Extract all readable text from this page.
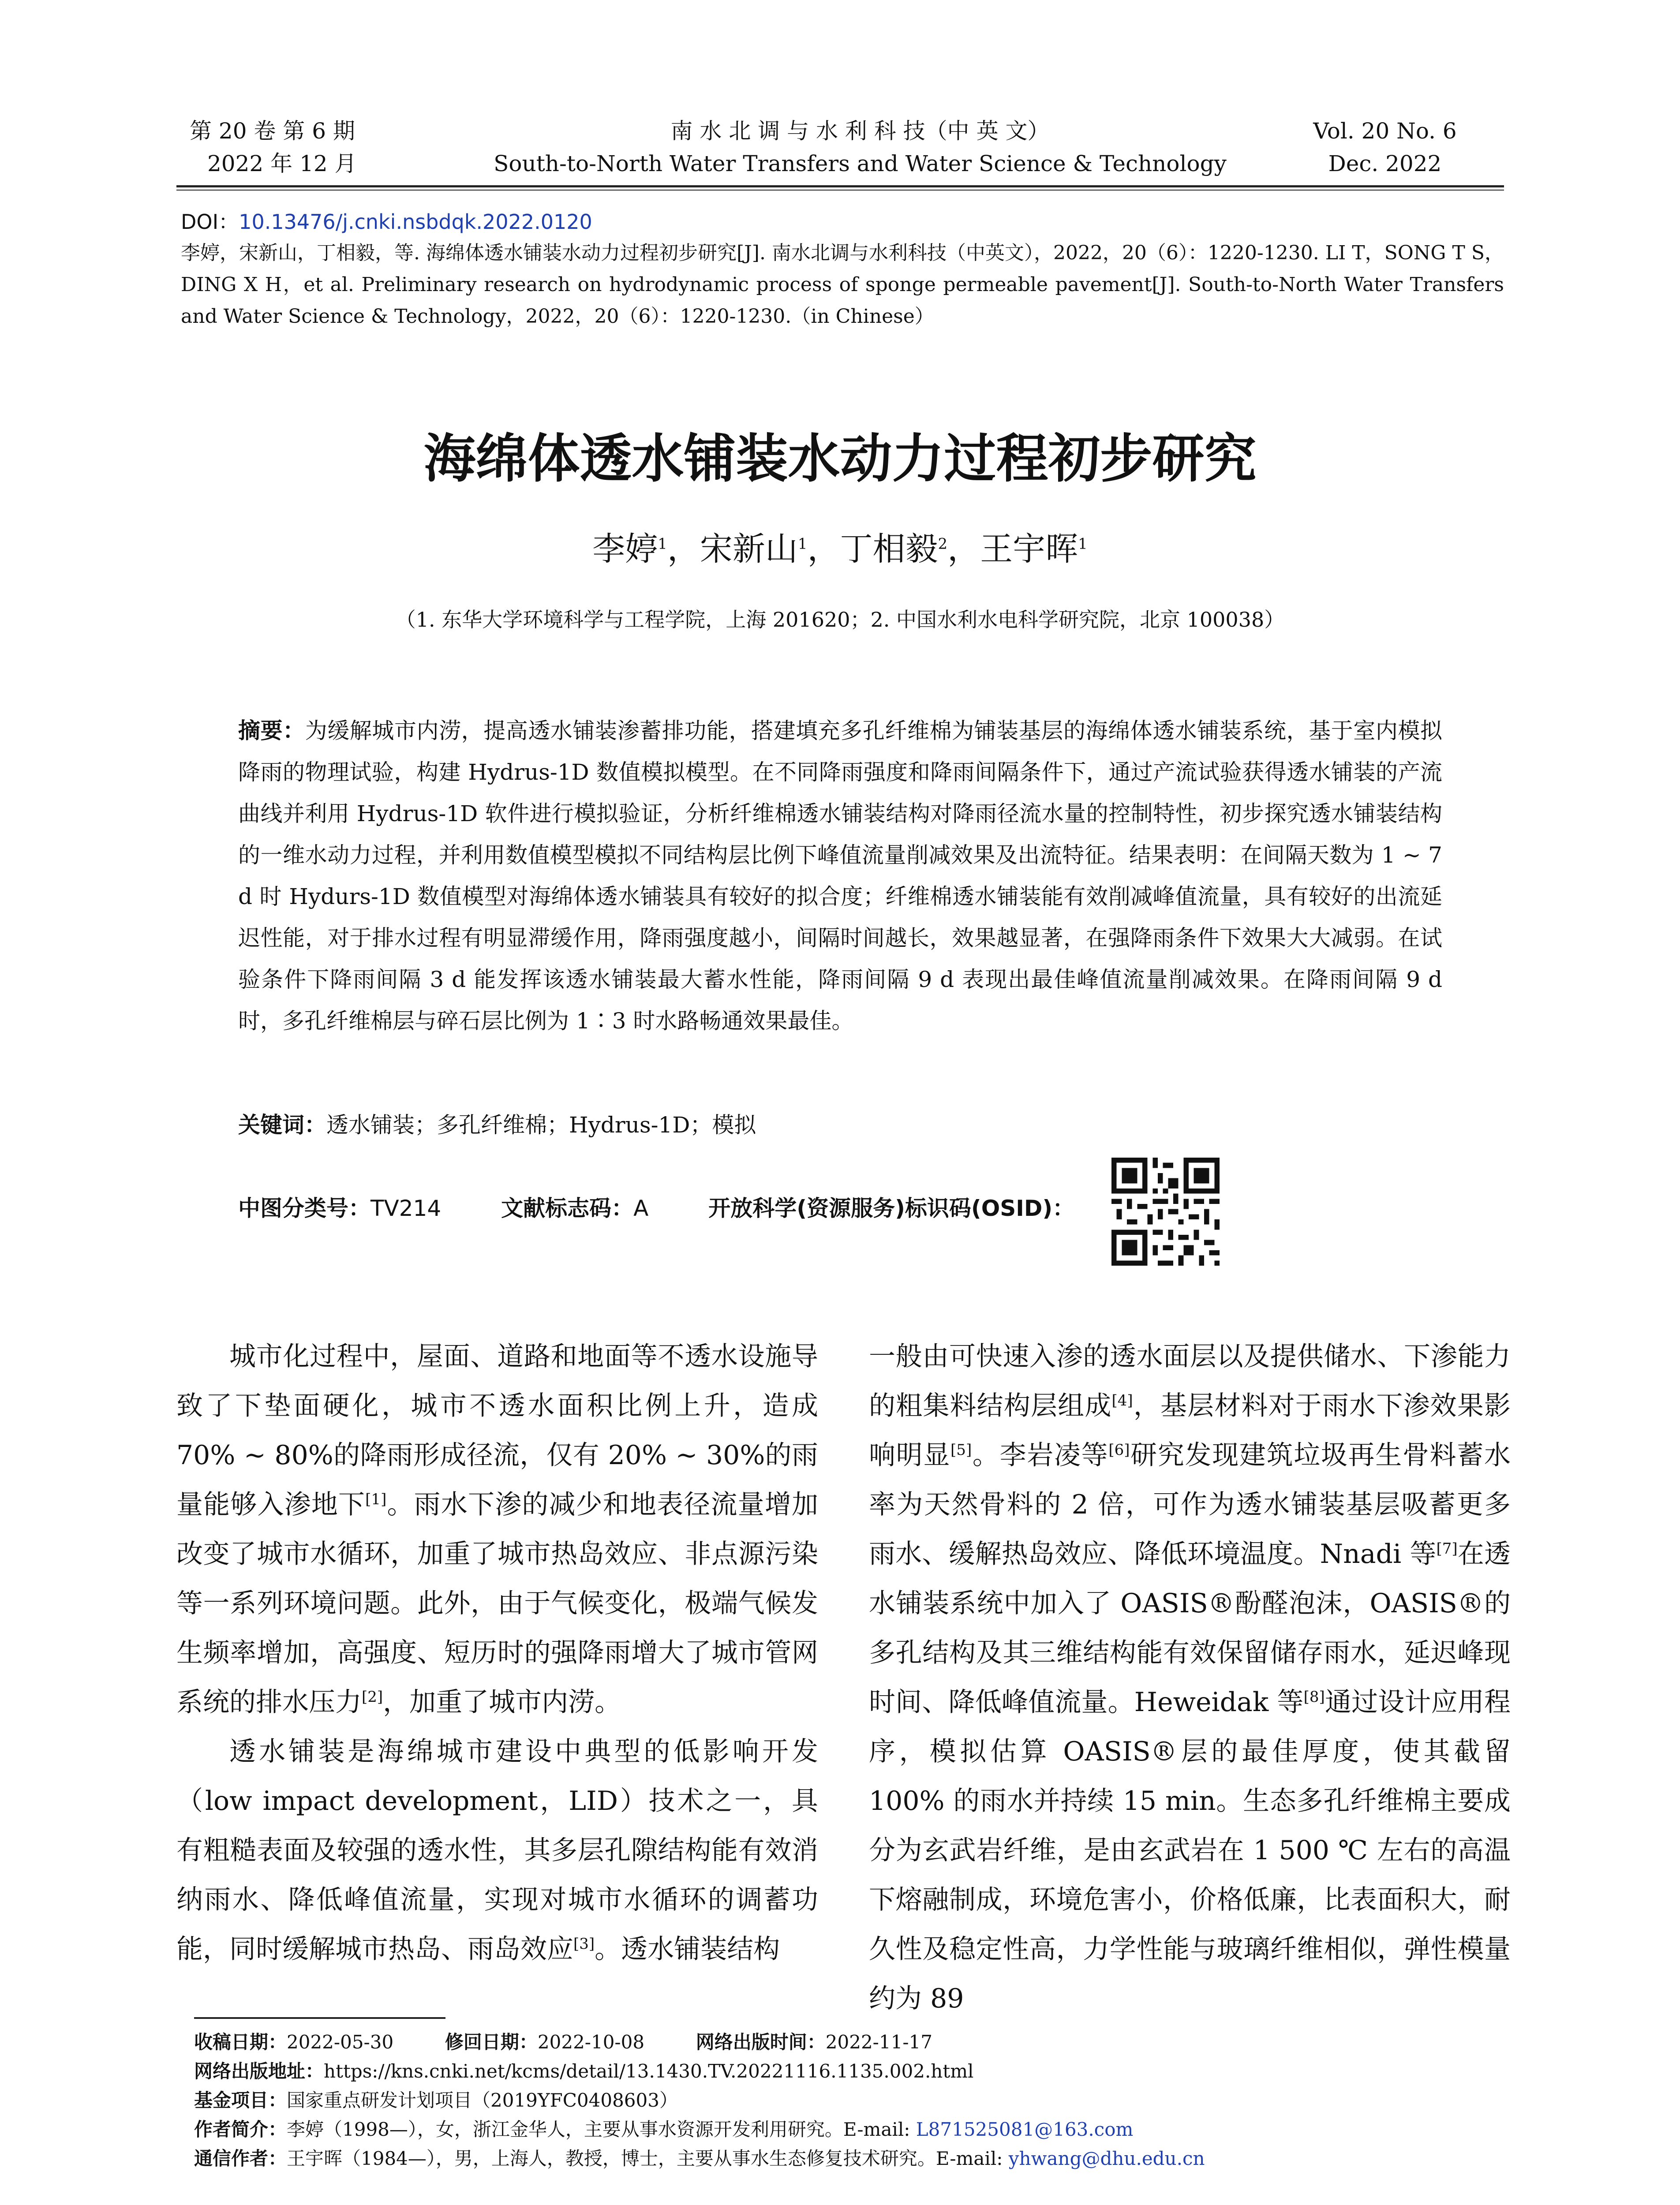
第 20 卷 第 6 期
2022 年 12 月
南 水 北 调 与 水 利 科 技（中 英 文）
South-to-North Water Transfers and Water Science & Technology
Vol. 20 No. 6
Dec. 2022
DOI：10.13476/j.cnki.nsbdqk.2022.0120
李婷，宋新山，丁相毅，等. 海绵体透水铺装水动力过程初步研究[J]. 南水北调与水利科技（中英文），2022，20（6）：1220-1230. LI T，SONG T S，DING X H，et al. Preliminary research on hydrodynamic process of sponge permeable pavement[J]. South-to-North Water Transfers and Water Science & Technology，2022，20（6）：1220-1230.（in Chinese）
海绵体透水铺装水动力过程初步研究
李婷$^1$，宋新山$^1$，丁相毅$^2$，王宇晖$^1$
（1. 东华大学环境科学与工程学院，上海 201620；2. 中国水利水电科学研究院，北京 100038）
摘要：为缓解城市内涝，提高透水铺装渗蓄排功能，搭建填充多孔纤维棉为铺装基层的海绵体透水铺装系统，基于室内模拟降雨的物理试验，构建 Hydrus-1D 数值模拟模型。在不同降雨强度和降雨间隔条件下，通过产流试验获得透水铺装的产流曲线并利用 Hydrus-1D 软件进行模拟验证，分析纤维棉透水铺装结构对降雨径流水量的控制特性，初步探究透水铺装结构的一维水动力过程，并利用数值模型模拟不同结构层比例下峰值流量削减效果及出流特征。结果表明：在间隔天数为 1 ~ 7 d 时 Hydurs-1D 数值模型对海绵体透水铺装具有较好的拟合度；纤维棉透水铺装能有效削减峰值流量，具有较好的出流延迟性能，对于排水过程有明显滞缓作用，降雨强度越小，间隔时间越长，效果越显著，在强降雨条件下效果大大减弱。在试验条件下降雨间隔 3 d 能发挥该透水铺装最大蓄水性能，降雨间隔 9 d 表现出最佳峰值流量削减效果。在降雨间隔 9 d 时，多孔纤维棉层与碎石层比例为 1∶3 时水路畅通效果最佳。
关键词：透水铺装；多孔纤维棉；Hydrus-1D；模拟
中图分类号：TV214	文献标志码：A	开放科学(资源服务)标识码(OSID)：

城市化过程中，屋面、道路和地面等不透水设施导致了下垫面硬化，城市不透水面积比例上升，造成 70% ~ 80%的降雨形成径流，仅有 20% ~ 30%的雨量能够入渗地下[1]。雨水下渗的减少和地表径流量增加改变了城市水循环，加重了城市热岛效应、非点源污染等一系列环境问题。此外，由于气候变化，极端气候发生频率增加，高强度、短历时的强降雨增大了城市管网系统的排水压力[2]，加重了城市内涝。

透水铺装是海绵城市建设中典型的低影响开发（low impact development，LID）技术之一，具有粗糙表面及较强的透水性，其多层孔隙结构能有效消纳雨水、降低峰值流量，实现对城市水循环的调蓄功能，同时缓解城市热岛、雨岛效应[3]。透水铺装结构

一般由可快速入渗的透水面层以及提供储水、下渗能力的粗集料结构层组成[4]，基层材料对于雨水下渗效果影响明显[5]。李岩凌等[6]研究发现建筑垃圾再生骨料蓄水率为天然骨料的 2 倍，可作为透水铺装基层吸蓄更多雨水、缓解热岛效应、降低环境温度。Nnadi 等[7]在透水铺装系统中加入了 OASIS®酚醛泡沫，OASIS®的多孔结构及其三维结构能有效保留储存雨水，延迟峰现时间、降低峰值流量。Heweidak 等[8]通过设计应用程序，模拟估算 OASIS®层的最佳厚度，使其截留 100% 的雨水并持续 15 min。生态多孔纤维棉主要成分为玄武岩纤维，是由玄武岩在 1 500 ℃ 左右的高温下熔融制成，环境危害小，价格低廉，比表面积大，耐久性及稳定性高，力学性能与玻璃纤维相似，弹性模量约为 89

收稿日期：2022-05-30	修回日期：2022-10-08	网络出版时间：2022-11-17
网络出版地址：https://kns.cnki.net/kcms/detail/13.1430.TV.20221116.1135.002.html
基金项目：国家重点研发计划项目（2019YFC0408603）
作者简介：李婷（1998—），女，浙江金华人，主要从事水资源开发利用研究。E-mail: L871525081@163.com
通信作者：王宇晖（1984—），男，上海人，教授，博士，主要从事水生态修复技术研究。E-mail: yhwang@dhu.edu.cn
